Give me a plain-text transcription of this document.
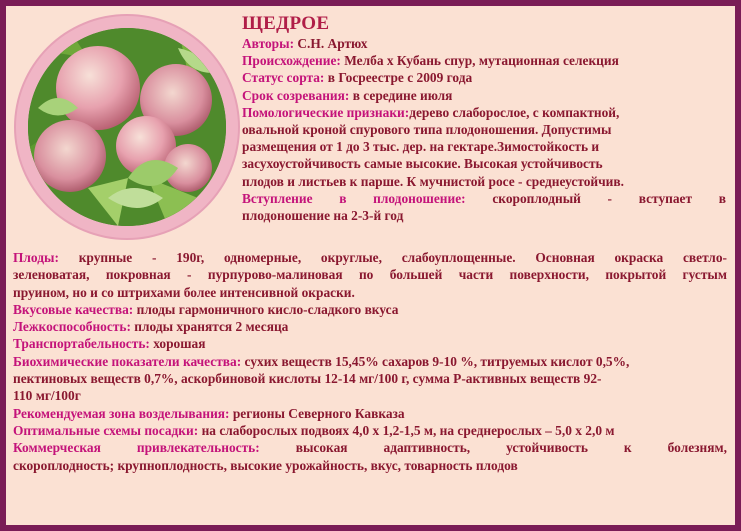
ЩЕДРОЕ
Авторы: С.Н. Артюх
Происхождение: Мелба х Кубань спур, мутационная селекция
Статус сорта: в Госреестре с 2009 года
Срок созревания: в середине июля
Помологические признаки:дерево слаборослое, с компактной,
овальной кроной спурового типа плодоношения. Допустимы
размещения от 1 до 3 тыс. дер. на гектаре.Зимостойкость и
засухоустойчивость самые высокие. Высокая устойчивость
плодов и листьев к парше. К мучнистой росе - среднеустойчив.
Вступление в плодоношение: скороплодный - вступает в
плодоношение на 2-3-й год
Плоды: крупные - 190г, одномерные, округлые, слабоуплощенные. Основная окраска светло-
зеленоватая, покровная - пурпурово-малиновая по большей части поверхности, покрытой густым
пруином, но и со штрихами более интенсивной окраски.
Вкусовые качества: плоды гармоничного кисло-сладкого вкуса
Лежкоспособность: плоды хранятся 2 месяца
Транспортабельность: хорошая
Биохимические показатели качества: сухих веществ 15,45% сахаров 9-10 %, титруемых кислот 0,5%,
пектиновых веществ 0,7%, аскорбиновой кислоты 12-14 мг/100 г, сумма Р-активных веществ 92-
110 мг/100г
Рекомендуемая зона возделывания: регионы Северного Кавказа
Оптимальные схемы посадки: на слаборослых подвоях 4,0 х 1,2-1,5 м, на среднерослых – 5,0 х 2,0 м
Коммерческая привлекательность:	высокая адаптивность, устойчивость к болезням,
скороплодность; крупноплодность, высокие урожайность, вкус, товарность плодов
